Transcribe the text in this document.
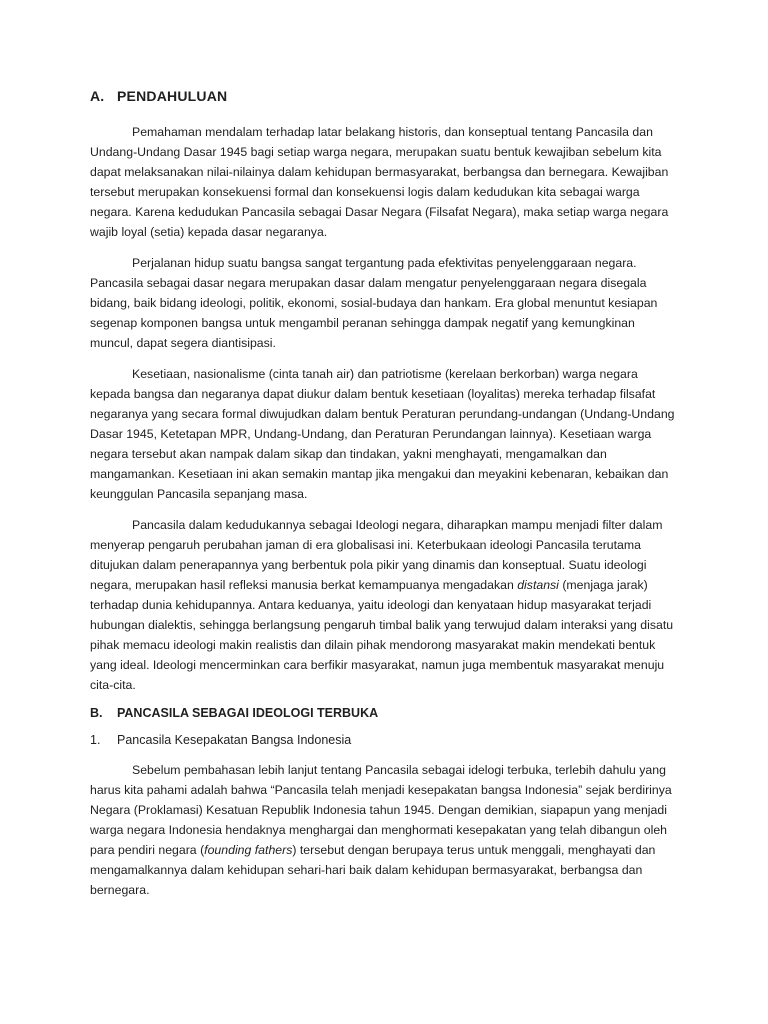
A. PENDAHULUAN

Pemahaman mendalam terhadap latar belakang historis, dan konseptual tentang Pancasila dan Undang-Undang Dasar 1945 bagi setiap warga negara, merupakan suatu bentuk kewajiban sebelum kita dapat melaksanakan nilai-nilainya dalam kehidupan bermasyarakat, berbangsa dan bernegara. Kewajiban tersebut merupakan konsekuensi formal dan konsekuensi logis dalam kedudukan kita sebagai warga negara. Karena kedudukan Pancasila sebagai Dasar Negara (Filsafat Negara), maka setiap warga negara wajib loyal (setia) kepada dasar negaranya.

Perjalanan hidup suatu bangsa sangat tergantung pada efektivitas penyelenggaraan negara. Pancasila sebagai dasar negara merupakan dasar dalam mengatur penyelenggaraan negara disegala bidang, baik bidang ideologi, politik, ekonomi, sosial-budaya dan hankam. Era global menuntut kesiapan segenap komponen bangsa untuk mengambil peranan sehingga dampak negatif yang kemungkinan muncul, dapat segera diantisipasi.

Kesetiaan, nasionalisme (cinta tanah air) dan patriotisme (kerelaan berkorban) warga negara kepada bangsa dan negaranya dapat diukur dalam bentuk kesetiaan (loyalitas) mereka terhadap filsafat negaranya yang secara formal diwujudkan dalam bentuk Peraturan perundang-undangan (Undang-Undang Dasar 1945, Ketetapan MPR, Undang-Undang, dan Peraturan Perundangan lainnya). Kesetiaan warga negara tersebut akan nampak dalam sikap dan tindakan, yakni menghayati, mengamalkan dan mangamankan. Kesetiaan ini akan semakin mantap jika mengakui dan meyakini kebenaran, kebaikan dan keunggulan Pancasila sepanjang masa.

Pancasila dalam kedudukannya sebagai Ideologi negara, diharapkan mampu menjadi filter dalam menyerap pengaruh perubahan jaman di era globalisasi ini. Keterbukaan ideologi Pancasila terutama ditujukan dalam penerapannya yang berbentuk pola pikir yang dinamis dan konseptual. Suatu ideologi negara, merupakan hasil refleksi manusia berkat kemampuanya mengadakan distansi (menjaga jarak) terhadap dunia kehidupannya. Antara keduanya, yaitu ideologi dan kenyataan hidup masyarakat terjadi hubungan dialektis, sehingga berlangsung pengaruh timbal balik yang terwujud dalam interaksi yang disatu pihak memacu ideologi makin realistis dan dilain pihak mendorong masyarakat makin mendekati bentuk yang ideal. Ideologi mencerminkan cara berfikir masyarakat, namun juga membentuk masyarakat menuju cita-cita.

B.	PANCASILA SEBAGAI IDEOLOGI TERBUKA
1.	Pancasila Kesepakatan Bangsa Indonesia

Sebelum pembahasan lebih lanjut tentang Pancasila sebagai idelogi terbuka, terlebih dahulu yang harus kita pahami adalah bahwa “Pancasila telah menjadi kesepakatan bangsa Indonesia” sejak berdirinya Negara (Proklamasi) Kesatuan Republik Indonesia tahun 1945. Dengan demikian, siapapun yang menjadi warga negara Indonesia hendaknya menghargai dan menghormati kesepakatan yang telah dibangun oleh para pendiri negara (founding fathers) tersebut dengan berupaya terus untuk menggali, menghayati dan mengamalkannya dalam kehidupan sehari-hari baik dalam kehidupan bermasyarakat, berbangsa dan bernegara.
